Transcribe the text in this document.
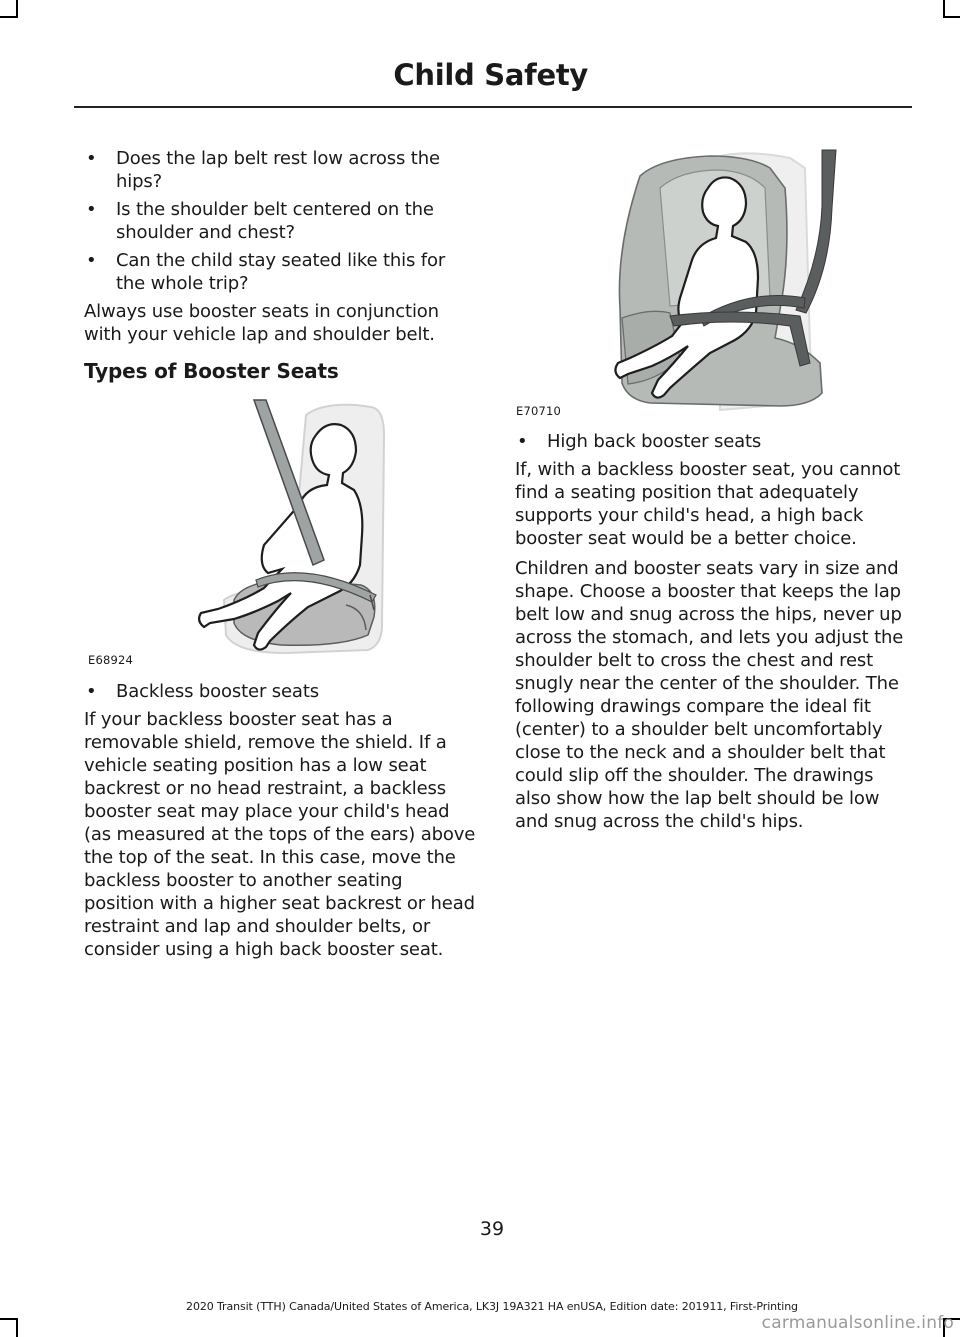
Child Safety
• Does the lap belt rest low across the hips?
• Is the shoulder belt centered on the shoulder and chest?
• Can the child stay seated like this for the whole trip?

Always use booster seats in conjunction with your vehicle lap and shoulder belt.

Types of Booster Seats
E68924
• Backless booster seats

If your backless booster seat has a removable shield, remove the shield. If a vehicle seating position has a low seat backrest or no head restraint, a backless booster seat may place your child's head (as measured at the tops of the ears) above the top of the seat. In this case, move the backless booster to another seating position with a higher seat backrest or head restraint and lap and shoulder belts, or consider using a high back booster seat.

E70710
• High back booster seats

If, with a backless booster seat, you cannot find a seating position that adequately supports your child's head, a high back booster seat would be a better choice.

Children and booster seats vary in size and shape. Choose a booster that keeps the lap belt low and snug across the hips, never up across the stomach, and lets you adjust the shoulder belt to cross the chest and rest snugly near the center of the shoulder. The following drawings compare the ideal fit (center) to a shoulder belt uncomfortably close to the neck and a shoulder belt that could slip off the shoulder. The drawings also show how the lap belt should be low and snug across the child's hips.

39
2020 Transit (TTH) Canada/United States of America, LK3J 19A321 HA enUSA, Edition date: 201911, First-Printing
carmanualsonline.info
